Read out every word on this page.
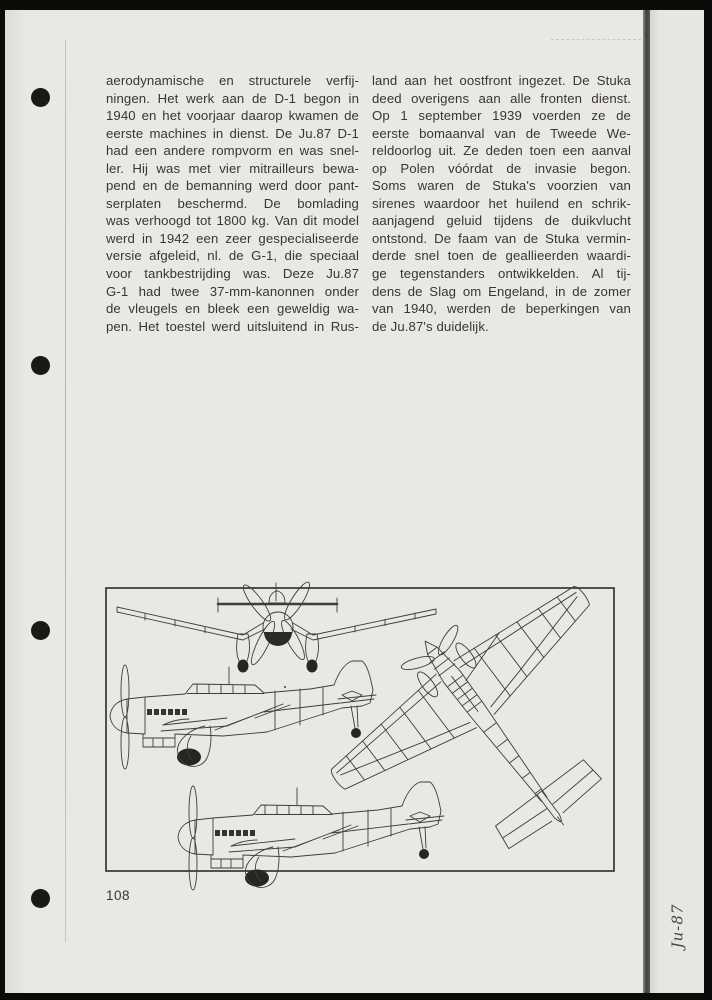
aerodynamische en structurele verfij-
ningen. Het werk aan de D-1 begon in
1940 en het voorjaar daarop kwamen de
eerste machines in dienst. De Ju.87 D-1
had een andere rompvorm en was snel-
ler. Hij was met vier mitrailleurs bewa-
pend en de bemanning werd door pant-
serplaten beschermd. De bomlading
was verhoogd tot 1800 kg. Van dit model
werd in 1942 een zeer gespecialiseerde
versie afgeleid, nl. de G-1, die speciaal
voor tankbestrijding was. Deze Ju.87
G-1 had twee 37-mm-kanonnen onder
de vleugels en bleek een geweldig wa-
pen. Het toestel werd uitsluitend in Rus-
land aan het oostfront ingezet. De Stuka
deed overigens aan alle fronten dienst.
Op 1 september 1939 voerden ze de
eerste bomaanval van de Tweede We-
reldoorlog uit. Ze deden toen een aanval
op Polen vóórdat de invasie begon.
Soms waren de Stuka's voorzien van
sirenes waardoor het huilend en schrik-
aanjagend geluid tijdens de duikvlucht
ontstond. De faam van de Stuka vermin-
derde snel toen de geallieerden waardi-
ge tegenstanders ontwikkelden. Al tij-
dens de Slag om Engeland, in de zomer
van 1940, werden de beperkingen van
de Ju.87's duidelijk.
108
Ju-87
